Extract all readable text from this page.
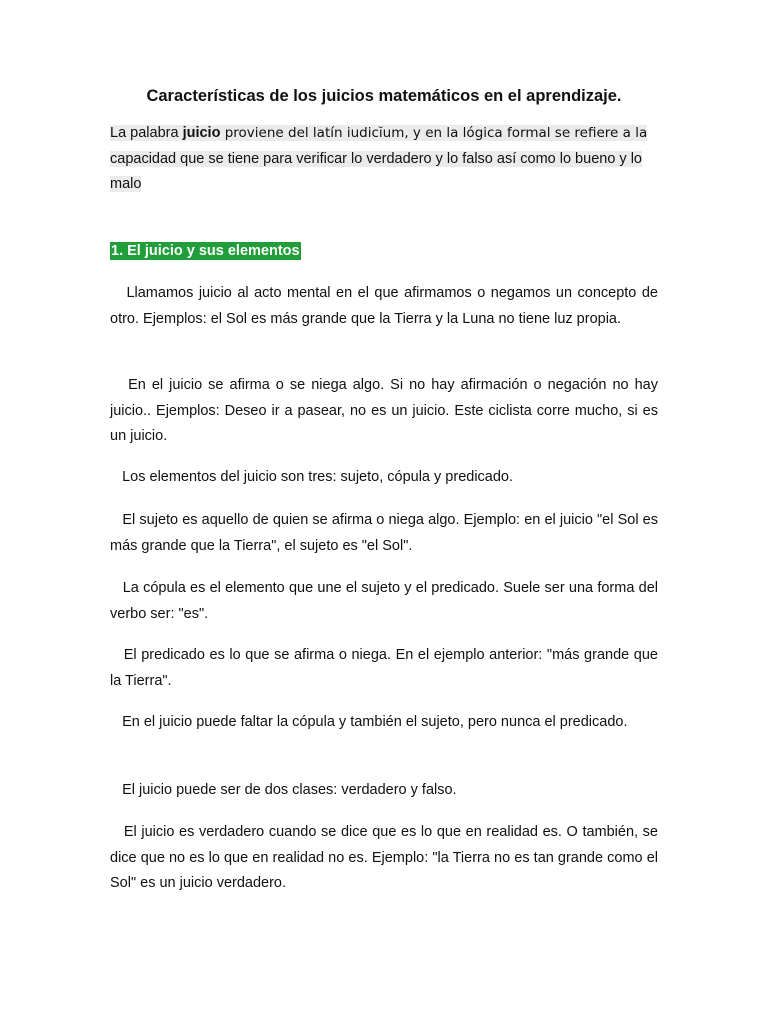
Características de los juicios matemáticos en el aprendizaje.

La palabra juicio proviene del latín iudicĭum, y en la lógica formal se refiere a la capacidad que se tiene para verificar lo verdadero y lo falso así como lo bueno y lo malo

1. El juicio y sus elementos

Llamamos juicio al acto mental en el que afirmamos o negamos un concepto de otro. Ejemplos: el Sol es más grande que la Tierra y la Luna no tiene luz propia.

En el juicio se afirma o se niega algo. Si no hay afirmación o negación no hay juicio.. Ejemplos: Deseo ir a pasear, no es un juicio. Este ciclista corre mucho, si es un juicio.

Los elementos del juicio son tres: sujeto, cópula y predicado.

El sujeto es aquello de quien se afirma o niega algo. Ejemplo: en el juicio "el Sol es más grande que la Tierra", el sujeto es "el Sol".

La cópula es el elemento que une el sujeto y el predicado. Suele ser una forma del verbo ser: "es".

El predicado es lo que se afirma o niega. En el ejemplo anterior: "más grande que la Tierra".

En el juicio puede faltar la cópula y también el sujeto, pero nunca el predicado.

El juicio puede ser de dos clases: verdadero y falso.

El juicio es verdadero cuando se dice que es lo que en realidad es. O también, se dice que no es lo que en realidad no es. Ejemplo: "la Tierra no es tan grande como el Sol" es un juicio verdadero.
